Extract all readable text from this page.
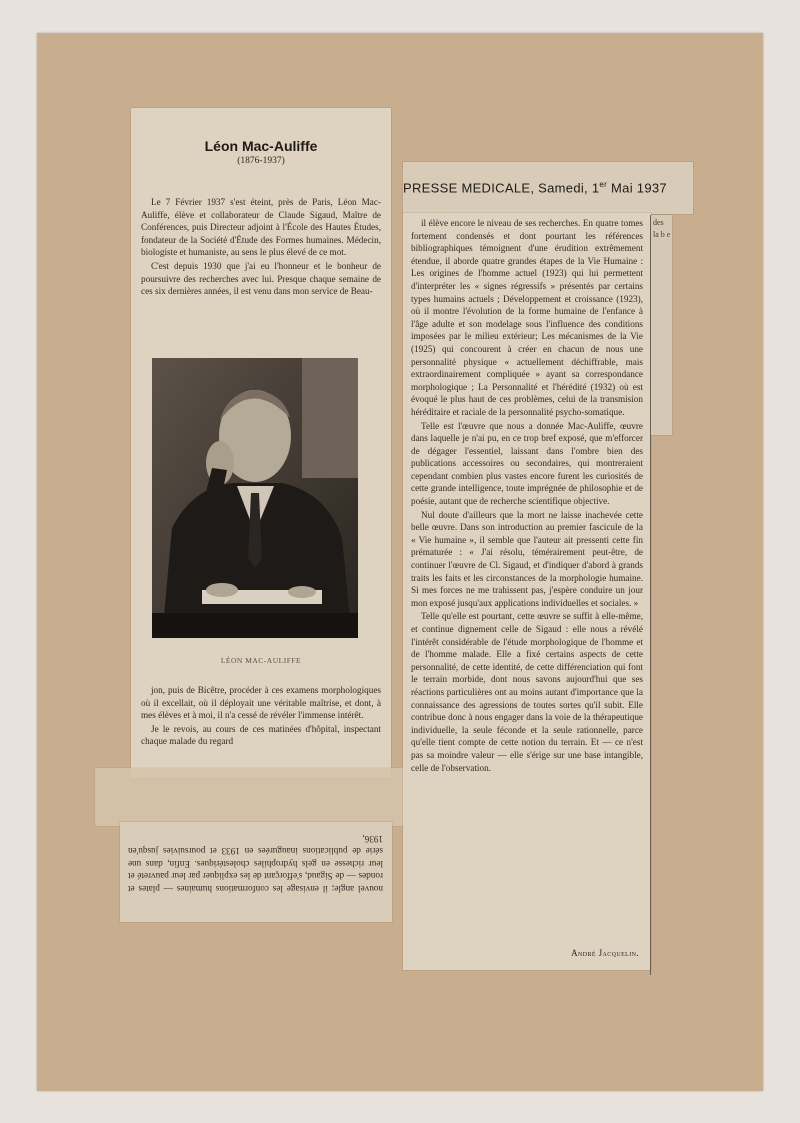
Léon Mac-Auliffe
(1876-1937)

Le 7 Février 1937 s'est éteint, près de Paris, Léon Mac-Auliffe, élève et collaborateur de Claude Sigaud, Maître de Conférences, puis Directeur adjoint à l'École des Hautes Études, fondateur de la Société d'Étude des Formes humaines. Médecin, biologiste et humaniste, au sens le plus élevé de ce mot.

C'est depuis 1930 que j'ai eu l'honneur et le bonheur de poursuivre des recherches avec lui. Presque chaque semaine de ces six dernières années, il est venu dans mon service de Beau-

LÉON MAC-AULIFFE

jon, puis de Bicêtre, procéder à ces examens morphologiques où il excellait, où il déployait une véritable maîtrise, et dont, à mes élèves et à moi, il n'a cessé de révéler l'immense intérêt.

Je le revois, au cours de ces matinées d'hôpital, inspectant chaque malade du regard

nouvel angle; il envisage les conformations humaines — plates et rondes — de Sigaud, s'efforçant de les expliquer par leur pauvreté et leur richesse en gels hydrophiles cholestériques. Enfin, dans une série de publications inaugurées en 1933 et poursuivies jusqu'en 1936,
PRESSE MEDICALE, Samedi, 1er Mai 1937

il élève encore le niveau de ses recherches. En quatre tomes fortement condensés et dont pourtant les références bibliographiques témoignent d'une érudition extrêmement étendue, il aborde quatre grandes étapes de la Vie Humaine : Les origines de l'homme actuel (1923) qui lui permettent d'interpréter les « signes régressifs » présentés par certains types humains actuels ; Développement et croissance (1923), où il montre l'évolution de la forme humaine de l'enfance à l'âge adulte et son modelage sous l'influence des conditions imposées par le milieu extérieur; Les mécanismes de la Vie (1925) qui concourent à créer en chacun de nous une personnalité physique « actuellement déchiffrable, mais extraordinairement compliquée » ayant sa correspondance morphologique ; La Personnalité et l'hérédité (1932) où est évoqué le plus haut de ces problèmes, celui de la transmision héréditaire et raciale de la personnalité psycho-somatique.

Telle est l'œuvre que nous a donnée Mac-Auliffe, œuvre dans laquelle je n'ai pu, en ce trop bref exposé, que m'efforcer de dégager l'essentiel, laissant dans l'ombre bien des publications accessoires ou secondaires, qui montreraient cependant combien plus vastes encore furent les curiosités de cette grande intelligence, toute imprégnée de philosophie et de poésie, autant que de recherche scientifique objective.

Nul doute d'ailleurs que la mort ne laisse inachevée cette belle œuvre. Dans son introduction au premier fascicule de la « Vie humaine », il semble que l'auteur ait pressenti cette fin prématurée : « J'ai résolu, témérairement peut-être, de continuer l'œuvre de Cl. Sigaud, et d'indiquer d'abord à grands traits les faits et les circonstances de la morphologie humaine. Si mes forces ne me trahissent pas, j'espère conduire un jour mon exposé jusqu'aux applications individuelles et sociales. »

Telle qu'elle est pourtant, cette œuvre se suffit à elle-même, et continue dignement celle de Sigaud : elle nous a révélé l'intérêt considérable de l'étude morphologique de l'homme et de l'homme malade. Elle a fixé certains aspects de cette personnalité, de cette identité, de cette différenciation qui font le terrain morbide, dont nous savons aujourd'hui que ses réactions particulières ont au moins autant d'importance que la connaissance des agressions de toutes sortes qu'il subit. Elle contribue donc à nous engager dans la voie de la thérapeutique individuelle, la seule féconde et la seule rationnelle, parce qu'elle tient compte de cette notion du terrain. Et — ce n'est pas sa moindre valeur — elle s'érige sur une base intangible, celle de l'observation.

André Jacquelin.
des la b e
